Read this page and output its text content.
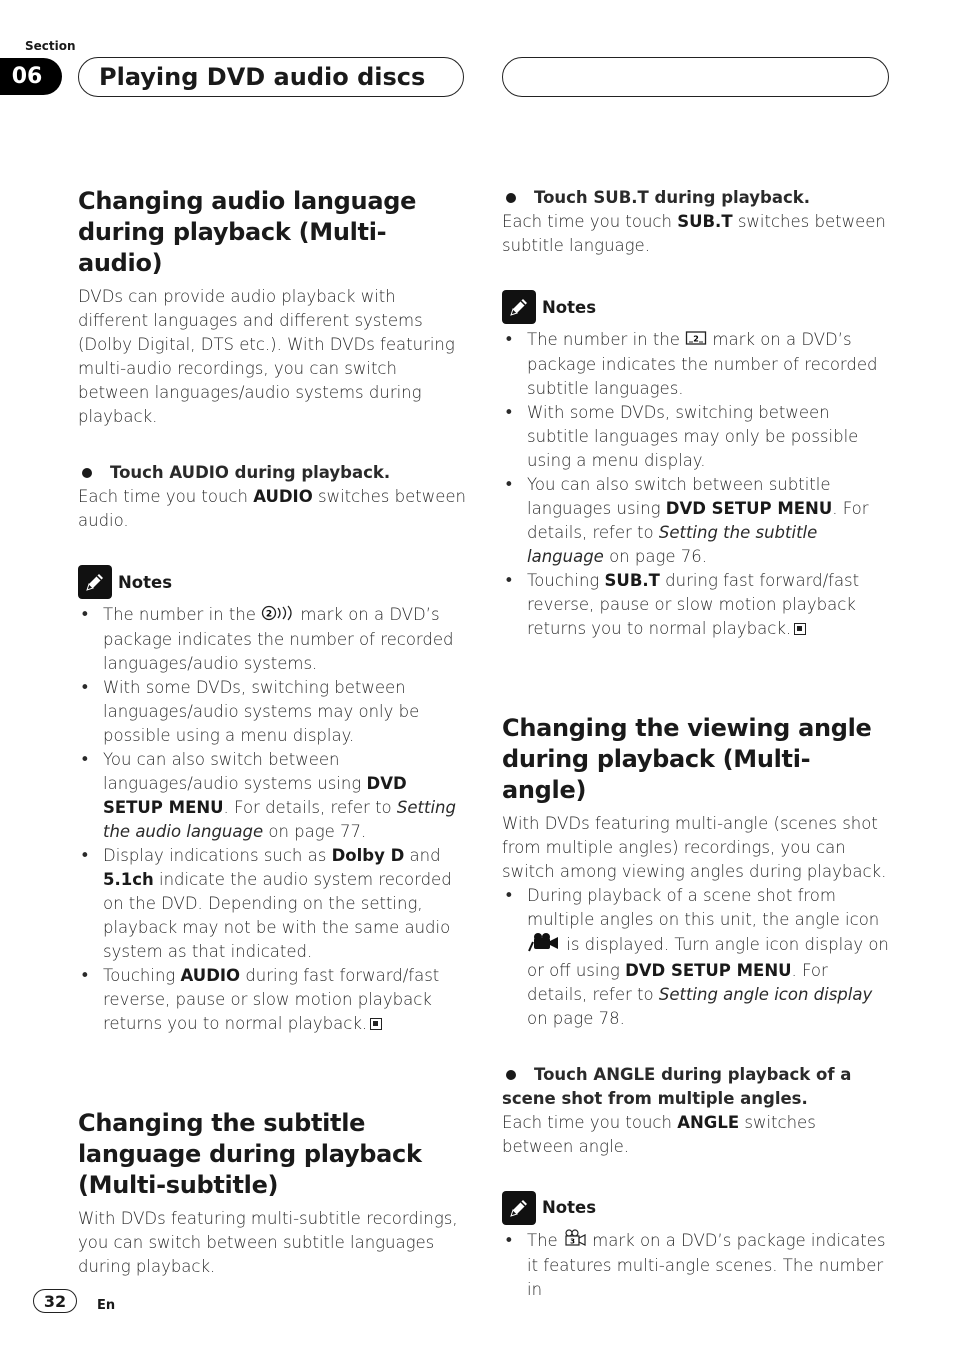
Section
06	Playing DVD audio discs
Changing audio language during playback (Multi-audio)

DVDs can provide audio playback with different languages and different systems (Dolby Digital, DTS etc.). With DVDs featuring multi-audio recordings, you can switch between languages/audio systems during playback.

Touch AUDIO during playback.

Each time you touch AUDIO switches between audio.

Notes
• The number in the 2 mark on a DVD’s package indicates the number of recorded languages/audio systems.
• With some DVDs, switching between languages/audio systems may only be possible using a menu display.
• You can also switch between languages/audio systems using DVD SETUP MENU. For details, refer to Setting the audio language on page 77.
• Display indications such as Dolby D and 5.1ch indicate the audio system recorded on the DVD. Depending on the setting, playback may not be with the same audio system as that indicated.
• Touching AUDIO during fast forward/fast reverse, pause or slow motion playback returns you to normal playback.
Changing the subtitle language during playback (Multi-subtitle)

With DVDs featuring multi-subtitle recordings, you can switch between subtitle languages during playback.

Touch SUB.T during playback.

Each time you touch SUB.T switches between subtitle language.

Notes
• The number in the 2 mark on a DVD’s package indicates the number of recorded subtitle languages.
• With some DVDs, switching between subtitle languages may only be possible using a menu display.
• You can also switch between subtitle languages using DVD SETUP MENU. For details, refer to Setting the subtitle language on page 76.
• Touching SUB.T during fast forward/fast reverse, pause or slow motion playback returns you to normal playback.
Changing the viewing angle during playback (Multi-angle)

With DVDs featuring multi-angle (scenes shot from multiple angles) recordings, you can switch among viewing angles during playback.

• During playback of a scene shot from multiple angles on this unit, the angle icon  is displayed. Turn angle icon display on or off using DVD SETUP MENU. For details, refer to Setting angle icon display on page 78.

Touch ANGLE during playback of a scene shot from multiple angles.

Each time you touch ANGLE switches between angle.

Notes
• The 3 mark on a DVD’s package indicates it features multi-angle scenes. The number in
32	En
